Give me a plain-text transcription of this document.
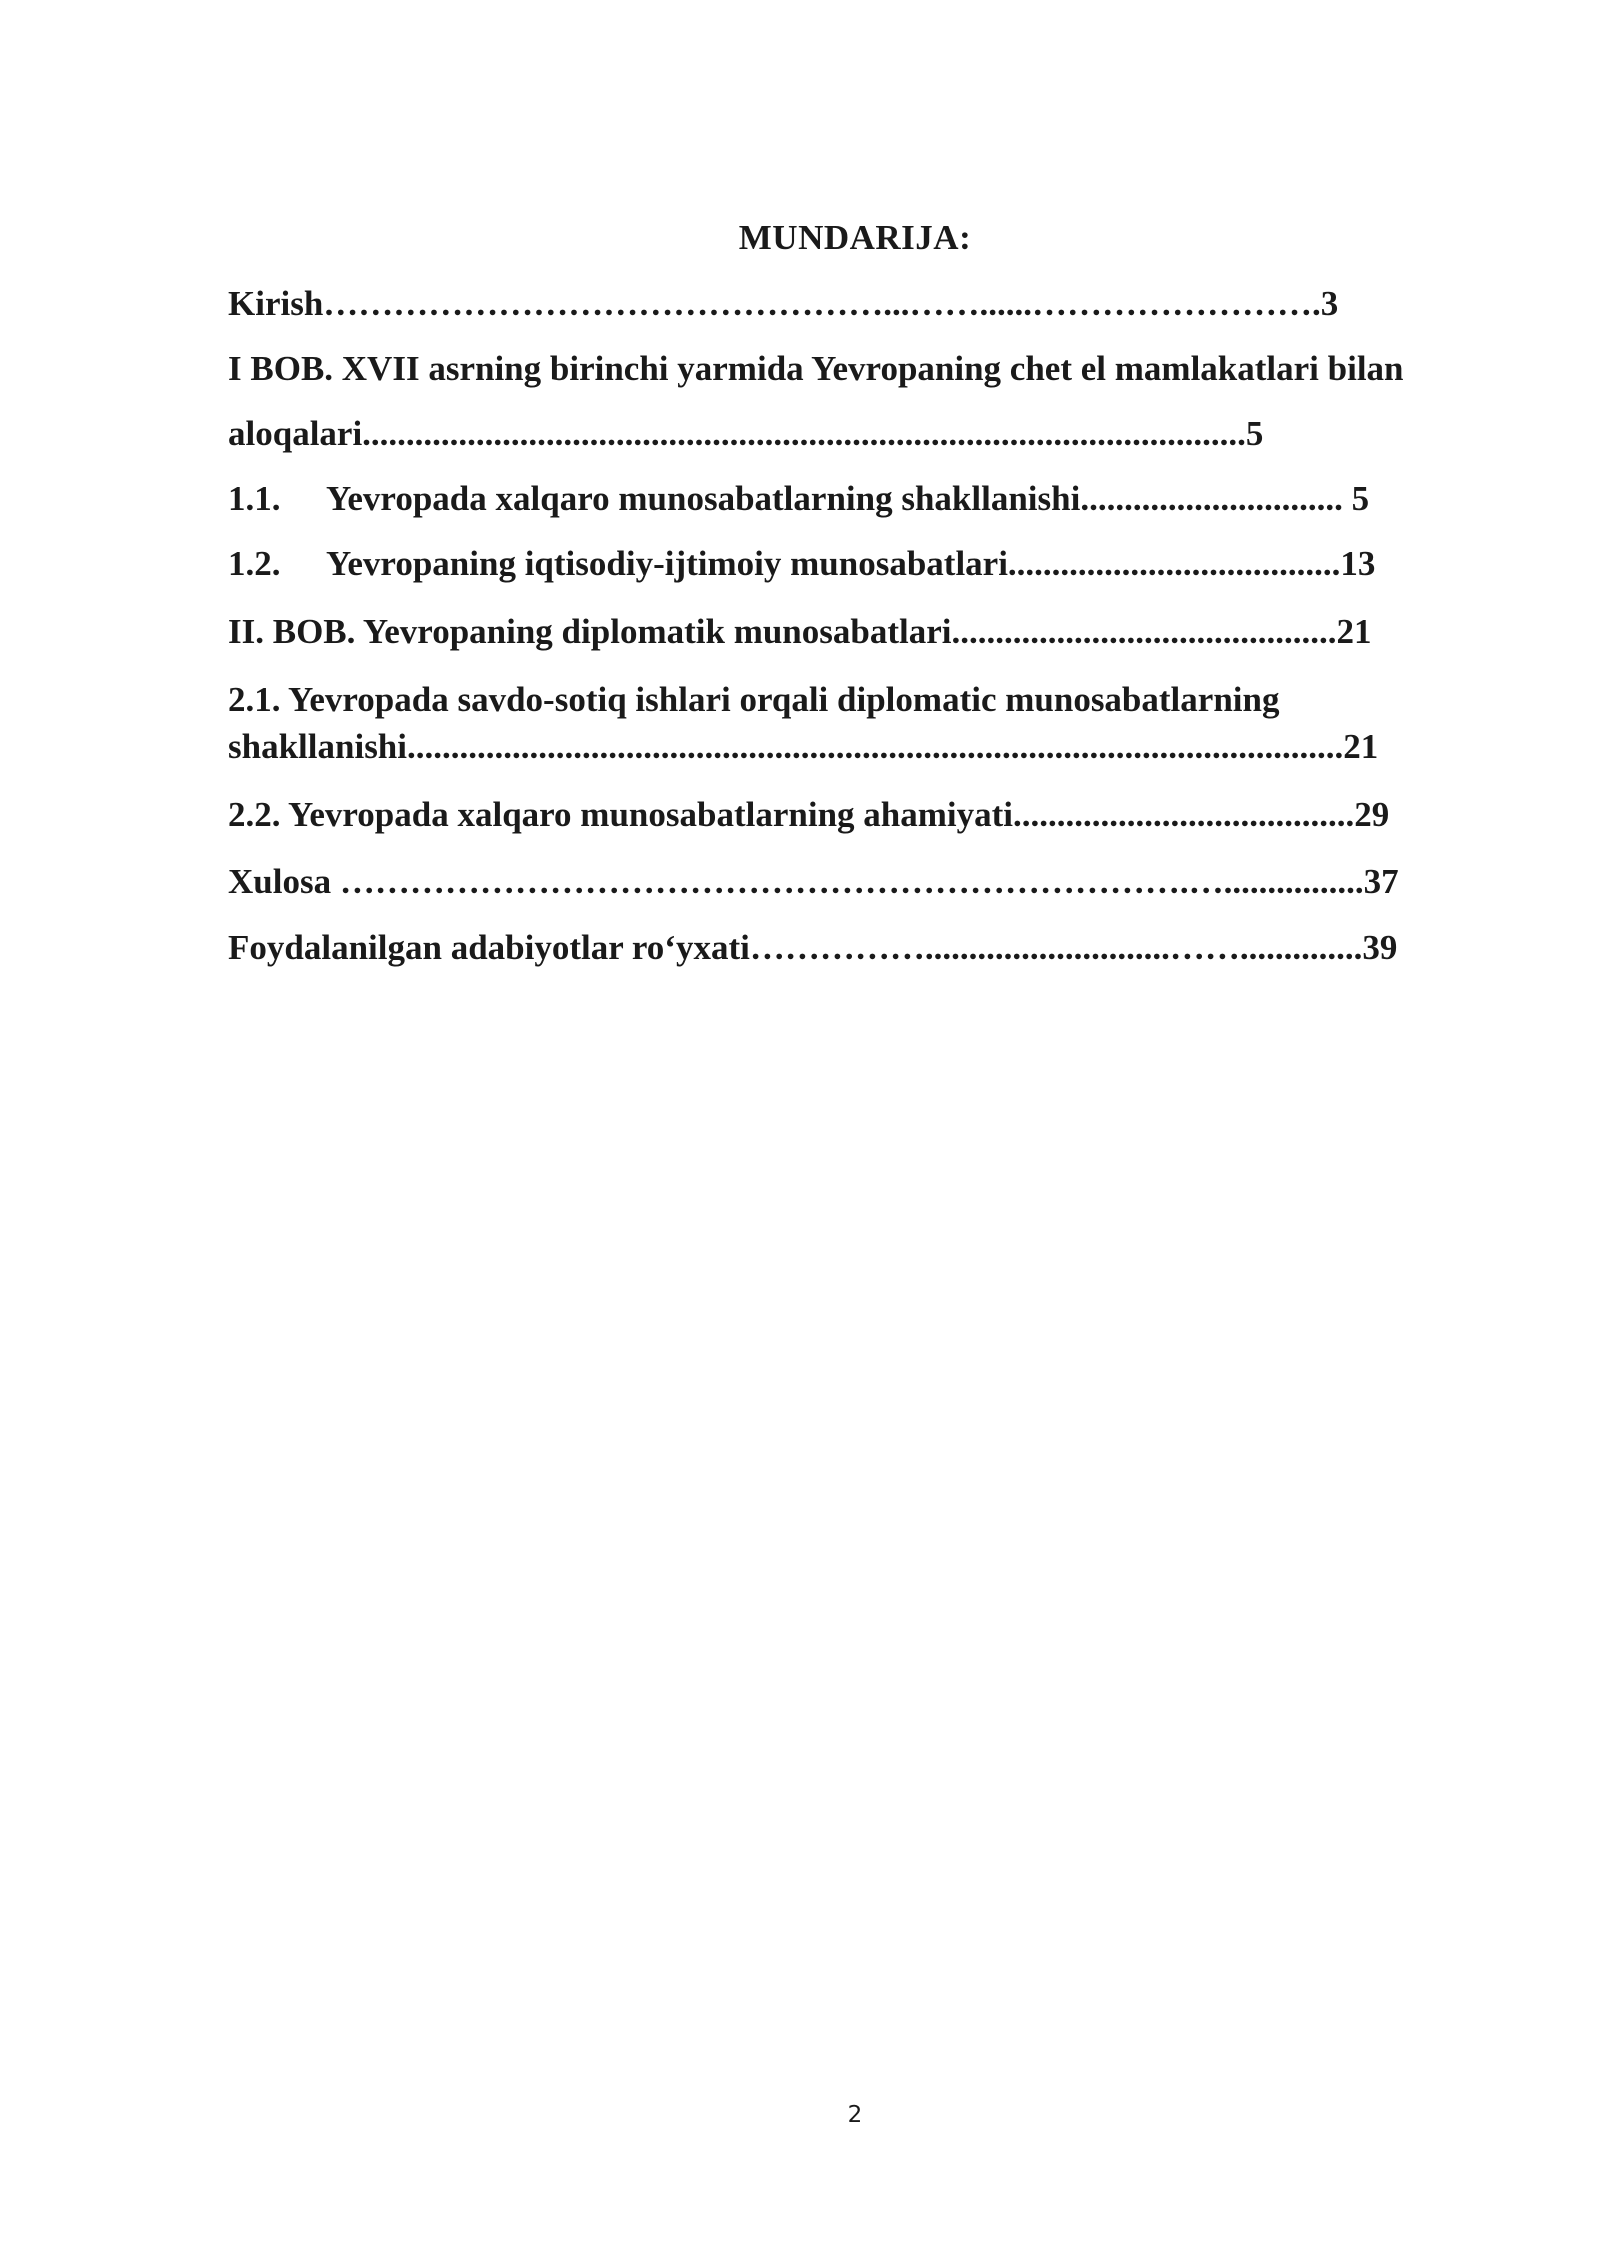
MUNDARIJA:

Kirish…………………………………………...……......…………………….3

I BOB. XVII asrning birinchi yarmida Yevropaning chet el mamlakatlari bilan

aloqalari.....................................................................................................5

1.1. Yevropada xalqaro munosabatlarning shakllanishi.............................. 5

1.2. Yevropaning iqtisodiy-ijtimoiy munosabatlari......................................13

II. BOB. Yevropaning diplomatik munosabatlari............................................21

2.1. Yevropada savdo-sotiq ishlari orqali diplomatic munosabatlarning

shakllanishi...........................................................................................................21

2.2. Yevropada xalqaro munosabatlarning ahamiyati.......................................29

Xulosa ……………………………………………………………….…................37

Foydalanilgan adabiyotlar ro‘yxati……………............................……..............39

2
